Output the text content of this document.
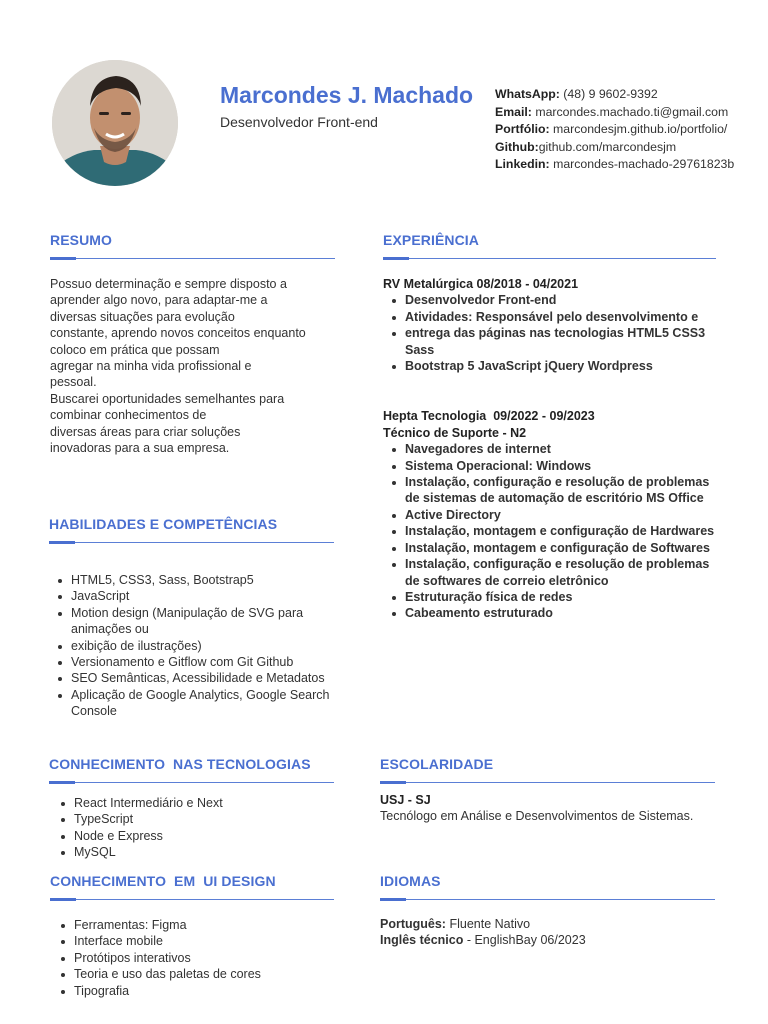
Marcondes J. Machado
Desenvolvedor Front-end
WhatsApp: (48) 9 9602-9392
Email: marcondes.machado.ti@gmail.com
Portfólio: marcondesjm.github.io/portfolio/
Github:github.com/marcondesjm
Linkedin: marcondes-machado-29761823b
RESUMO
Possuo determinação e sempre disposto a
aprender algo novo, para adaptar-me a
diversas situações para evolução
constante, aprendo novos conceitos enquanto
coloco em prática que possam
agregar na minha vida profissional e
pessoal.
Buscarei oportunidades semelhantes para
combinar conhecimentos de
diversas áreas para criar soluções
inovadoras para a sua empresa.
HABILIDADES E COMPETÊNCIAS
HTML5, CSS3, Sass, Bootstrap5
JavaScript
Motion design (Manipulação de SVG para animações ou
exibição de ilustrações)
Versionamento e Gitflow com Git Github
SEO Semânticas, Acessibilidade e Metadatos
Aplicação de Google Analytics, Google Search Console
CONHECIMENTO  NAS TECNOLOGIAS
React Intermediário e Next
TypeScript
Node e Express
MySQL
CONHECIMENTO  EM  UI DESIGN
Ferramentas: Figma
Interface mobile
Protótipos interativos
Teoria e uso das paletas de cores
Tipografia
EXPERIÊNCIA
RV Metalúrgica 08/2018 - 04/2021
Desenvolvedor Front-end
Atividades: Responsável pelo desenvolvimento e
entrega das páginas nas tecnologias HTML5 CSS3 Sass
Bootstrap 5 JavaScript jQuery Wordpress
Hepta Tecnologia  09/2022 - 09/2023
Técnico de Suporte - N2
Navegadores de internet
Sistema Operacional: Windows
Instalação, configuração e resolução de problemas de sistemas de automação de escritório MS Office
Active Directory
Instalação, montagem e configuração de Hardwares
Instalação, montagem e configuração de Softwares
Instalação, configuração e resolução de problemas de softwares de correio eletrônico
Estruturação física de redes
Cabeamento estruturado
ESCOLARIDADE
USJ - SJ
Tecnólogo em Análise e Desenvolvimentos de Sistemas.
IDIOMAS
Português: Fluente Nativo
Inglês técnico - EnglishBay 06/2023
